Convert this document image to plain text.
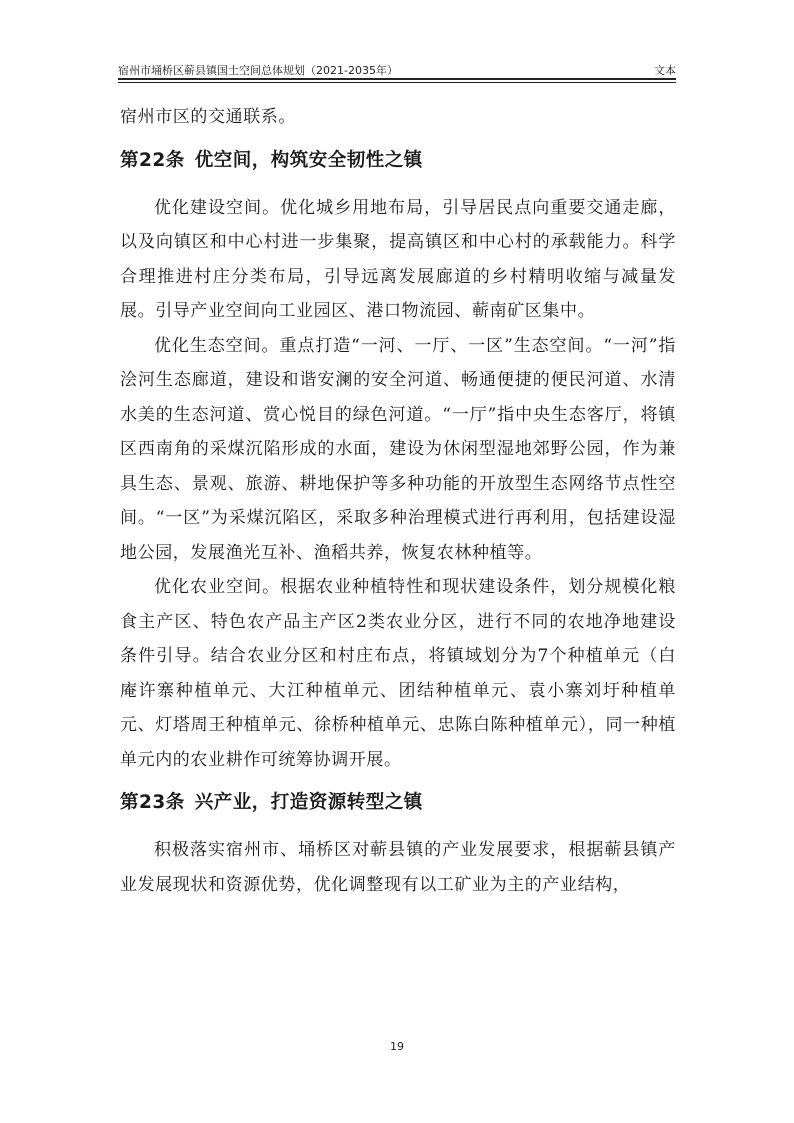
宿州市埇桥区蕲县镇国土空间总体规划（2021-2035年）	文本

宿州市区的交通联系。

第22条 优空间，构筑安全韧性之镇

优化建设空间。优化城乡用地布局，引导居民点向重要交通走廊，以及向镇区和中心村进一步集聚，提高镇区和中心村的承载能力。科学合理推进村庄分类布局，引导远离发展廊道的乡村精明收缩与减量发展。引导产业空间向工业园区、港口物流园、蕲南矿区集中。

优化生态空间。重点打造“一河、一厅、一区”生态空间。“一河”指浍河生态廊道，建设和谐安澜的安全河道、畅通便捷的便民河道、水清水美的生态河道、赏心悦目的绿色河道。“一厅”指中央生态客厅，将镇区西南角的采煤沉陷形成的水面，建设为休闲型湿地郊野公园，作为兼具生态、景观、旅游、耕地保护等多种功能的开放型生态网络节点性空间。“一区”为采煤沉陷区，采取多种治理模式进行再利用，包括建设湿地公园，发展渔光互补、渔稻共养，恢复农林种植等。

优化农业空间。根据农业种植特性和现状建设条件，划分规模化粮食主产区、特色农产品主产区2类农业分区，进行不同的农地净地建设条件引导。结合农业分区和村庄布点，将镇域划分为7个种植单元（白庵许寨种植单元、大江种植单元、团结种植单元、袁小寨刘圩种植单元、灯塔周王种植单元、徐桥种植单元、忠陈白陈种植单元），同一种植单元内的农业耕作可统筹协调开展。

第23条 兴产业，打造资源转型之镇

积极落实宿州市、埇桥区对蕲县镇的产业发展要求，根据蕲县镇产业发展现状和资源优势，优化调整现有以工矿业为主的产业结构，

19
